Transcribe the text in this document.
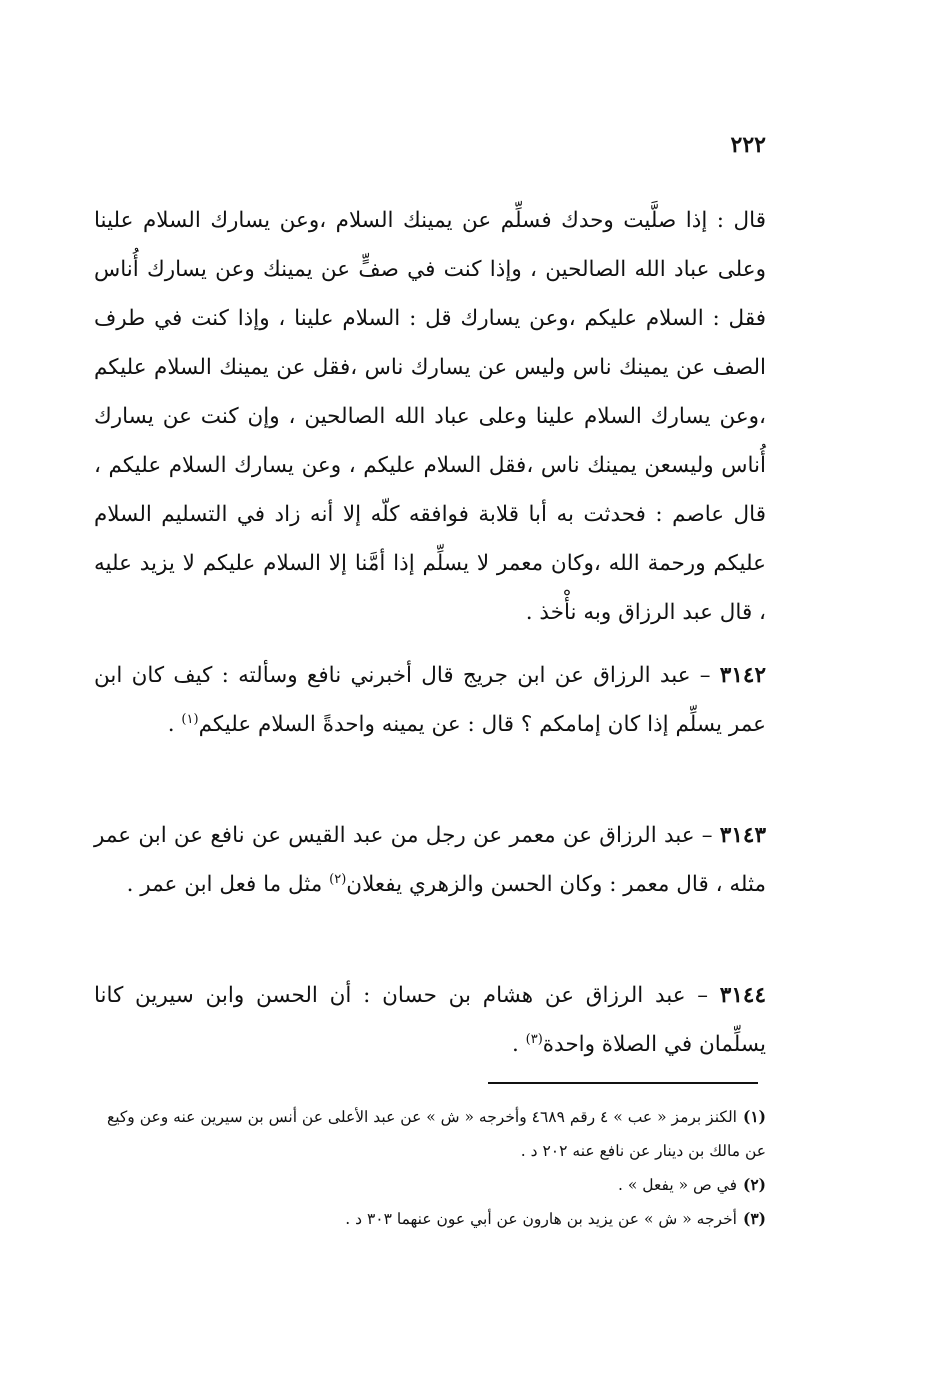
٢٢٢

قال : إذا صلَّيت وحدك فسلِّم عن يمينك السلام ،وعن يسارك السلام علينا وعلى عباد الله الصالحين ، وإذا كنت في صفٍّ عن يمينك وعن يسارك أُناس فقل : السلام عليكم ،وعن يسارك قل : السلام علينا ، وإذا كنت في طرف الصف عن يمينك ناس وليس عن يسارك ناس ،فقل عن يمينك السلام عليكم ،وعن يسارك السلام علينا وعلى عباد الله الصالحين ، وإن كنت عن يسارك أُناس وليسعن يمينك ناس ،فقل السلام عليكم ، وعن يسارك السلام عليكم ، قال عاصم : فحدثت به أبا قلابة فوافقه كلّه إلا أنه زاد في التسليم السلام عليكم ورحمة الله ،وكان معمر لا يسلِّم إذا أمَّنا إلا السلام عليكم لا يزيد عليه ، قال عبد الرزاق وبه نأْخذ .

٣١٤٢ – عبد الرزاق عن ابن جريج قال أخبرني نافع وسألته : كيف كان ابن عمر يسلِّم إذا كان إمامكم ؟ قال : عن يمينه واحدةً السلام عليكم$^{(١)}$ .

٣١٤٣ – عبد الرزاق عن معمر عن رجل من عبد القيس عن نافع عن ابن عمر مثله ، قال معمر : وكان الحسن والزهري يفعلان$^{(٢)}$ مثل ما فعل ابن عمر .

٣١٤٤ – عبد الرزاق عن هشام بن حسان : أن الحسن وابن سيرين كانا يسلِّمان في الصلاة واحدة$^{(٣)}$ .

(١)الكنز برمز « عب » ٤ رقم ٤٦٨٩ وأخرجه « ش » عن عبد الأعلى عن أنس بن سيرين عنه وعن وكيع عن مالك بن دينار عن نافع عنه ٢٠٢ د .

(٢)في ص « يفعل » .

(٣)أخرجه « ش » عن يزيد بن هارون عن أبي عون عنهما ٣٠٣ د .
